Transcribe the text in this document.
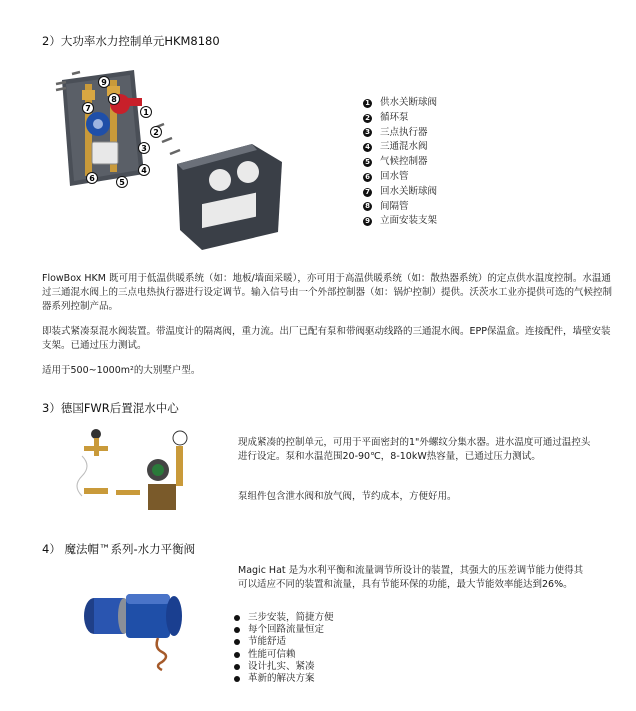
2）大功率水力控制单元HKM8180
9
8
7	1
2
3
4
5
6
1 供水关断球阀
2 循环泵
3 三点执行器
4 三通混水阀
5 气候控制器
6 回水管
7 回水关断球阀
8 间隔管
9 立面安装支架

FlowBox HKM 既可用于低温供暖系统（如：地板/墙面采暖），亦可用于高温供暖系统（如：散热器系统）的定点供水温度控制。水温通过三通混水阀上的三点电热执行器进行设定调节。输入信号由一个外部控制器（如：锅炉控制）提供。沃茨水工业亦提供可选的气候控制器系列控制产品。

即装式紧凑泵混水阀装置。带温度计的隔离阀，重力流。出厂已配有泵和带阀驱动线路的三通混水阀。EPP保温盒。连接配件，墙壁安装支架。已通过压力测试。

适用于500~1000m²的大别墅户型。

3）德国FWR后置混水中心

现成紧凑的控制单元，可用于平面密封的1"外螺纹分集水器。进水温度可通过温控头进行设定。泵和水温范围20-90℃，8-10kW热容量，已通过压力测试。

泵组件包含泄水阀和放气阀，节约成本，方便好用。

4） 魔法帽™系列-水力平衡阀

Magic Hat 是为水利平衡和流量调节所设计的装置，其强大的压差调节能力使得其可以适应不同的装置和流量，具有节能环保的功能，最大节能效率能达到26%。

三步安装，简捷方便
每个回路流量恒定
节能舒适
性能可信赖
设计扎实、紧凑
革新的解决方案
